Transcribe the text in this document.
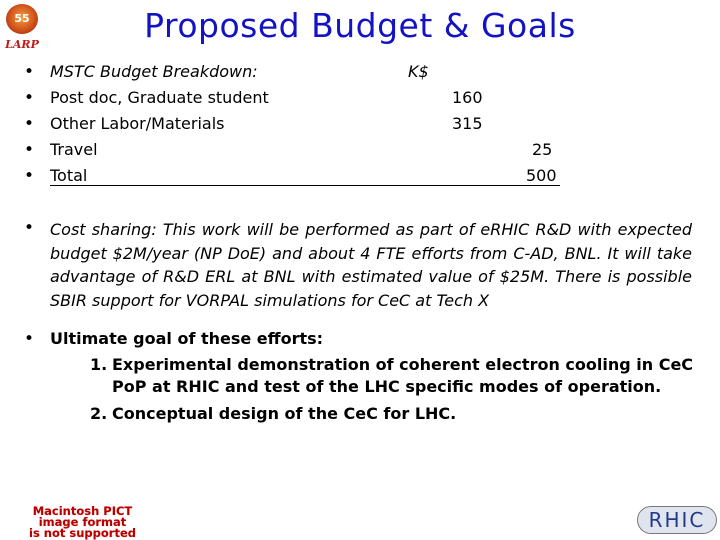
55
LARP	Proposed Budget & Goals
• MSTC Budget Breakdown:	K$
• Post doc, Graduate student	160
• Other Labor/Materials	315
• Travel	25
• Total	500
• Cost sharing: This work will be performed as part of eRHIC R&D with expected budget $2M/year (NP DoE) and about 4 FTE efforts from C-AD, BNL. It will take advantage of R&D ERL at BNL with estimated value of $25M. There is possible SBIR support for VORPAL simulations for CeC at Tech X
• Ultimate goal of these efforts:
1. Experimental demonstration of coherent electron cooling in CeC
PoP at RHIC and test of the LHC specific modes of operation.
2. Conceptual design of the CeC for LHC.
Macintosh PICT
image format
is not supported
RHIC
